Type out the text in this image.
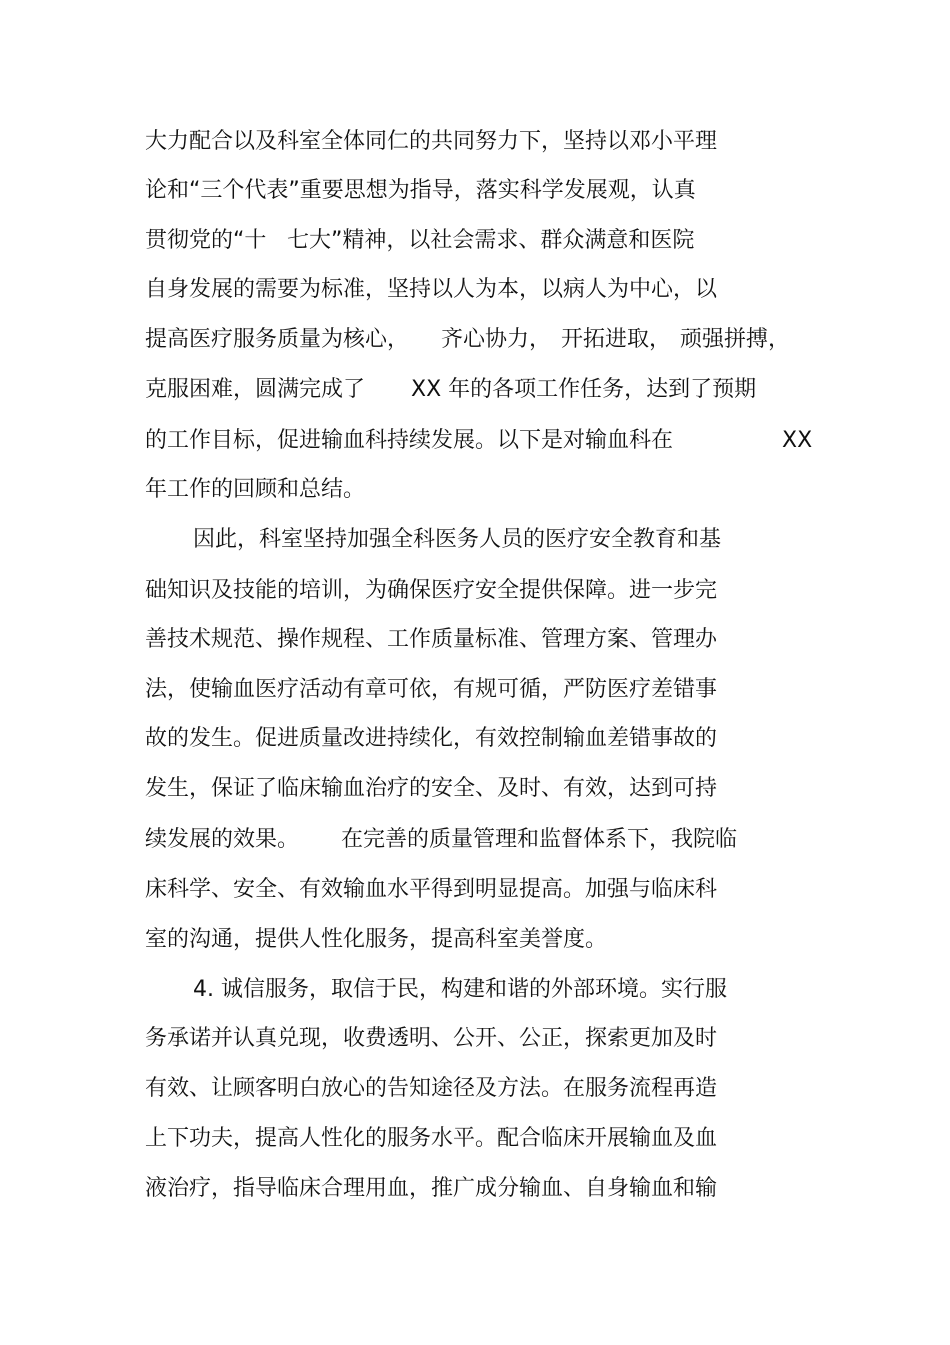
大力配合以及科室全体同仁的共同努力下，坚持以邓小平理

论和“三个代表”重要思想为指导，落实科学发展观，认真

贯彻党的“十

七大”精神，以社会需求、群众满意和医院

自身发展的需要为标准，坚持以人为本，以病人为中心，以

提高医疗服务质量为核心，

齐心协力，

开拓进取，

顽强拼搏，

克服困难，圆满完成了

XX 年的各项工作任务，达到了预期

的工作目标，促进输血科持续发展。以下是对输血科在

	XX

年工作的回顾和总结。

因此，科室坚持加强全科医务人员的医疗安全教育和基

础知识及技能的培训，为确保医疗安全提供保障。进一步完

善技术规范、操作规程、工作质量标准、管理方案、管理办

法，使输血医疗活动有章可依，有规可循，严防医疗差错事

故的发生。促进质量改进持续化，有效控制输血差错事故的

发生，保证了临床输血治疗的安全、及时、有效，达到可持

续发展的效果。

在完善的质量管理和监督体系下，我院临

床科学、安全、有效输血水平得到明显提高。加强与临床科

室的沟通，提供人性化服务，提高科室美誉度。

4. 诚信服务，取信于民，构建和谐的外部环境。实行服

务承诺并认真兑现，收费透明、公开、公正，探索更加及时

有效、让顾客明白放心的告知途径及方法。在服务流程再造

上下功夫，提高人性化的服务水平。配合临床开展输血及血

液治疗，指导临床合理用血，推广成分输血、自身输血和输
